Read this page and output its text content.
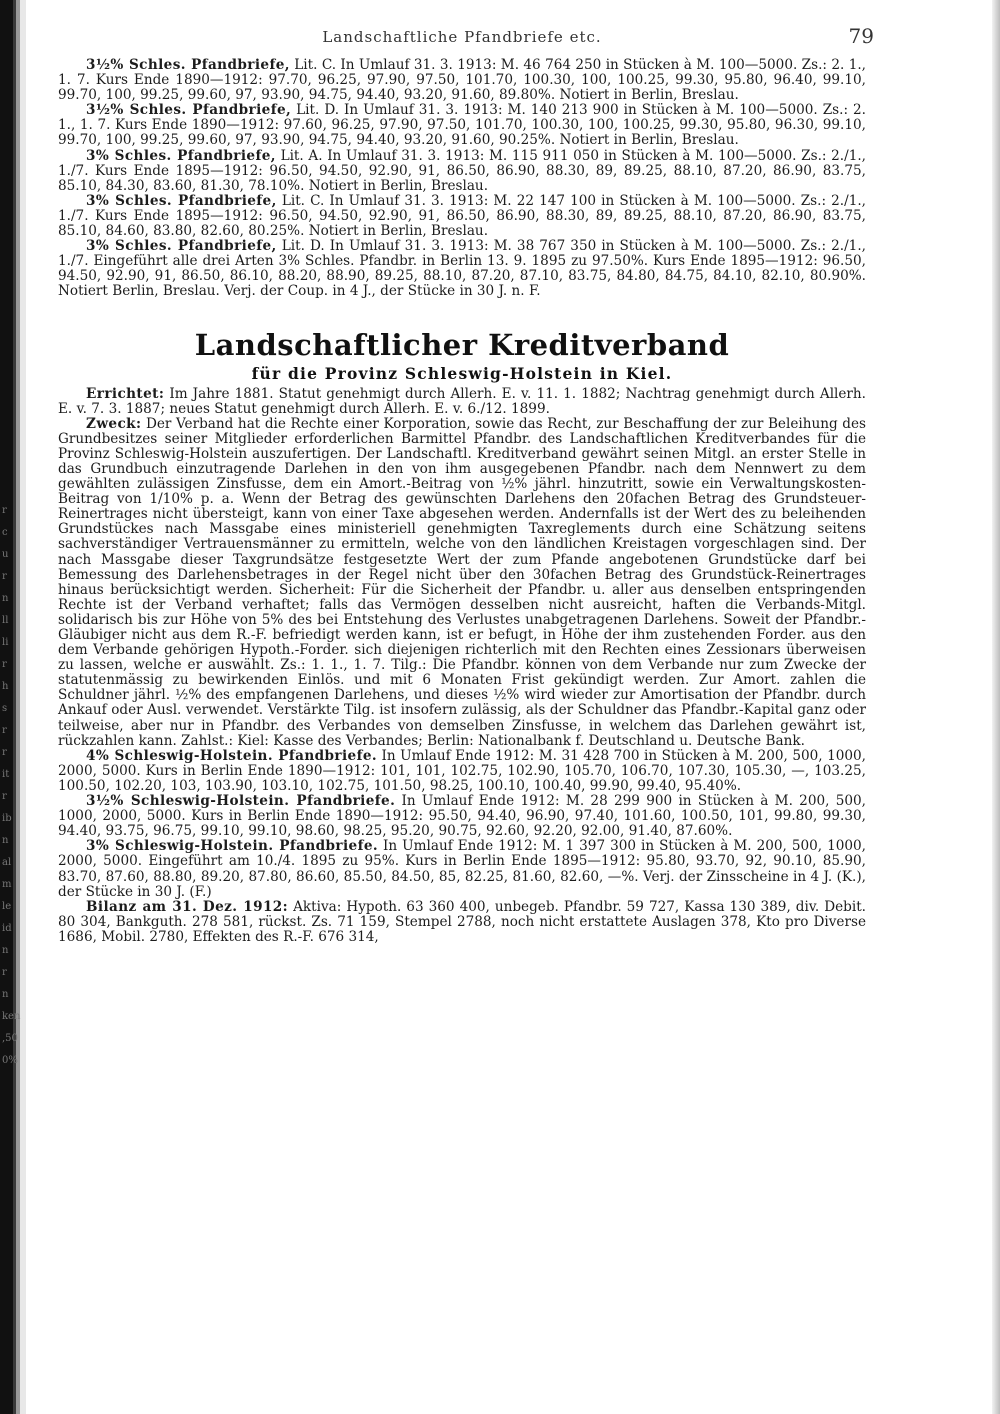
r
c
u
r
n
ll
li
r
h
s
r
r
it
r
ib
n
al
m
le
id
n
r
n
ken
,50
0%
Landschaftliche Pfandbriefe etc.	79

3½% Schles. Pfandbriefe, Lit. C. In Umlauf 31. 3. 1913: M. 46 764 250 in Stücken à M. 100—5000. Zs.: 2. 1., 1. 7. Kurs Ende 1890—1912: 97.70, 96.25, 97.90, 97.50, 101.70, 100.30, 100, 100.25, 99.30, 95.80, 96.40, 99.10, 99.70, 100, 99.25, 99.60, 97, 93.90, 94.75, 94.40, 93.20, 91.60, 89.80%. Notiert in Berlin, Breslau.

3½% Schles. Pfandbriefe, Lit. D. In Umlauf 31. 3. 1913: M. 140 213 900 in Stücken à M. 100—5000. Zs.: 2. 1., 1. 7. Kurs Ende 1890—1912: 97.60, 96.25, 97.90, 97.50, 101.70, 100.30, 100, 100.25, 99.30, 95.80, 96.30, 99.10, 99.70, 100, 99.25, 99.60, 97, 93.90, 94.75, 94.40, 93.20, 91.60, 90.25%. Notiert in Berlin, Breslau.

3% Schles. Pfandbriefe, Lit. A. In Umlauf 31. 3. 1913: M. 115 911 050 in Stücken à M. 100—5000. Zs.: 2./1., 1./7. Kurs Ende 1895—1912: 96.50, 94.50, 92.90, 91, 86.50, 86.90, 88.30, 89, 89.25, 88.10, 87.20, 86.90, 83.75, 85.10, 84.30, 83.60, 81.30, 78.10%. Notiert in Berlin, Breslau.

3% Schles. Pfandbriefe, Lit. C. In Umlauf 31. 3. 1913: M. 22 147 100 in Stücken à M. 100—5000. Zs.: 2./1., 1./7. Kurs Ende 1895—1912: 96.50, 94.50, 92.90, 91, 86.50, 86.90, 88.30, 89, 89.25, 88.10, 87.20, 86.90, 83.75, 85.10, 84.60, 83.80, 82.60, 80.25%. Notiert in Berlin, Breslau.

3% Schles. Pfandbriefe, Lit. D. In Umlauf 31. 3. 1913: M. 38 767 350 in Stücken à M. 100—5000. Zs.: 2./1., 1./7. Eingeführt alle drei Arten 3% Schles. Pfandbr. in Berlin 13. 9. 1895 zu 97.50%. Kurs Ende 1895—1912: 96.50, 94.50, 92.90, 91, 86.50, 86.10, 88.20, 88.90, 89.25, 88.10, 87.20, 87.10, 83.75, 84.80, 84.75, 84.10, 82.10, 80.90%. Notiert Berlin, Breslau. Verj. der Coup. in 4 J., der Stücke in 30 J. n. F.

Landschaftlicher Kreditverband
für die Provinz Schleswig-Holstein in Kiel.

Errichtet: Im Jahre 1881. Statut genehmigt durch Allerh. E. v. 11. 1. 1882; Nachtrag genehmigt durch Allerh. E. v. 7. 3. 1887; neues Statut genehmigt durch Allerh. E. v. 6./12. 1899.

Zweck: Der Verband hat die Rechte einer Korporation, sowie das Recht, zur Beschaffung der zur Beleihung des Grundbesitzes seiner Mitglieder erforderlichen Barmittel Pfandbr. des Landschaftlichen Kreditverbandes für die Provinz Schleswig-Holstein auszufertigen. Der Landschaftl. Kreditverband gewährt seinen Mitgl. an erster Stelle in das Grundbuch einzutragende Darlehen in den von ihm ausgegebenen Pfandbr. nach dem Nennwert zu dem gewählten zulässigen Zinsfusse, dem ein Amort.-Beitrag von ½% jährl. hinzutritt, sowie ein Verwaltungskosten-Beitrag von 1/10% p. a. Wenn der Betrag des gewünschten Darlehens den 20fachen Betrag des Grundsteuer-Reinertrages nicht übersteigt, kann von einer Taxe abgesehen werden. Andernfalls ist der Wert des zu beleihenden Grundstückes nach Massgabe eines ministeriell genehmigten Taxreglements durch eine Schätzung seitens sachverständiger Vertrauensmänner zu ermitteln, welche von den ländlichen Kreistagen vorgeschlagen sind. Der nach Massgabe dieser Taxgrundsätze festgesetzte Wert der zum Pfande angebotenen Grundstücke darf bei Bemessung des Darlehensbetrages in der Regel nicht über den 30fachen Betrag des Grundstück-Reinertrages hinaus berücksichtigt werden. Sicherheit: Für die Sicherheit der Pfandbr. u. aller aus denselben entspringenden Rechte ist der Verband verhaftet; falls das Vermögen desselben nicht ausreicht, haften die Verbands-Mitgl. solidarisch bis zur Höhe von 5% des bei Entstehung des Verlustes unabgetragenen Darlehens. Soweit der Pfandbr.-Gläubiger nicht aus dem R.-F. befriedigt werden kann, ist er befugt, in Höhe der ihm zustehenden Forder. aus den dem Verbande gehörigen Hypoth.-Forder. sich diejenigen richterlich mit den Rechten eines Zessionars überweisen zu lassen, welche er auswählt. Zs.: 1. 1., 1. 7. Tilg.: Die Pfandbr. können von dem Verbande nur zum Zwecke der statutenmässig zu bewirkenden Einlös. und mit 6 Monaten Frist gekündigt werden. Zur Amort. zahlen die Schuldner jährl. ½% des empfangenen Darlehens, und dieses ½% wird wieder zur Amortisation der Pfandbr. durch Ankauf oder Ausl. verwendet. Verstärkte Tilg. ist insofern zulässig, als der Schuldner das Pfandbr.-Kapital ganz oder teilweise, aber nur in Pfandbr. des Verbandes von demselben Zinsfusse, in welchem das Darlehen gewährt ist, rückzahlen kann. Zahlst.: Kiel: Kasse des Verbandes; Berlin: Nationalbank f. Deutschland u. Deutsche Bank.

4% Schleswig-Holstein. Pfandbriefe. In Umlauf Ende 1912: M. 31 428 700 in Stücken à M. 200, 500, 1000, 2000, 5000. Kurs in Berlin Ende 1890—1912: 101, 101, 102.75, 102.90, 105.70, 106.70, 107.30, 105.30, —, 103.25, 100.50, 102.20, 103, 103.90, 103.10, 102.75, 101.50, 98.25, 100.10, 100.40, 99.90, 99.40, 95.40%.

3½% Schleswig-Holstein. Pfandbriefe. In Umlauf Ende 1912: M. 28 299 900 in Stücken à M. 200, 500, 1000, 2000, 5000. Kurs in Berlin Ende 1890—1912: 95.50, 94.40, 96.90, 97.40, 101.60, 100.50, 101, 99.80, 99.30, 94.40, 93.75, 96.75, 99.10, 99.10, 98.60, 98.25, 95.20, 90.75, 92.60, 92.20, 92.00, 91.40, 87.60%.

3% Schleswig-Holstein. Pfandbriefe. In Umlauf Ende 1912: M. 1 397 300 in Stücken à M. 200, 500, 1000, 2000, 5000. Eingeführt am 10./4. 1895 zu 95%. Kurs in Berlin Ende 1895—1912: 95.80, 93.70, 92, 90.10, 85.90, 83.70, 87.60, 88.80, 89.20, 87.80, 86.60, 85.50, 84.50, 85, 82.25, 81.60, 82.60, —%. Verj. der Zinsscheine in 4 J. (K.), der Stücke in 30 J. (F.)

Bilanz am 31. Dez. 1912: Aktiva: Hypoth. 63 360 400, unbegeb. Pfandbr. 59 727, Kassa 130 389, div. Debit. 80 304, Bankguth. 278 581, rückst. Zs. 71 159, Stempel 2788, noch nicht erstattete Auslagen 378, Kto pro Diverse 1686, Mobil. 2780, Effekten des R.-F. 676 314,
